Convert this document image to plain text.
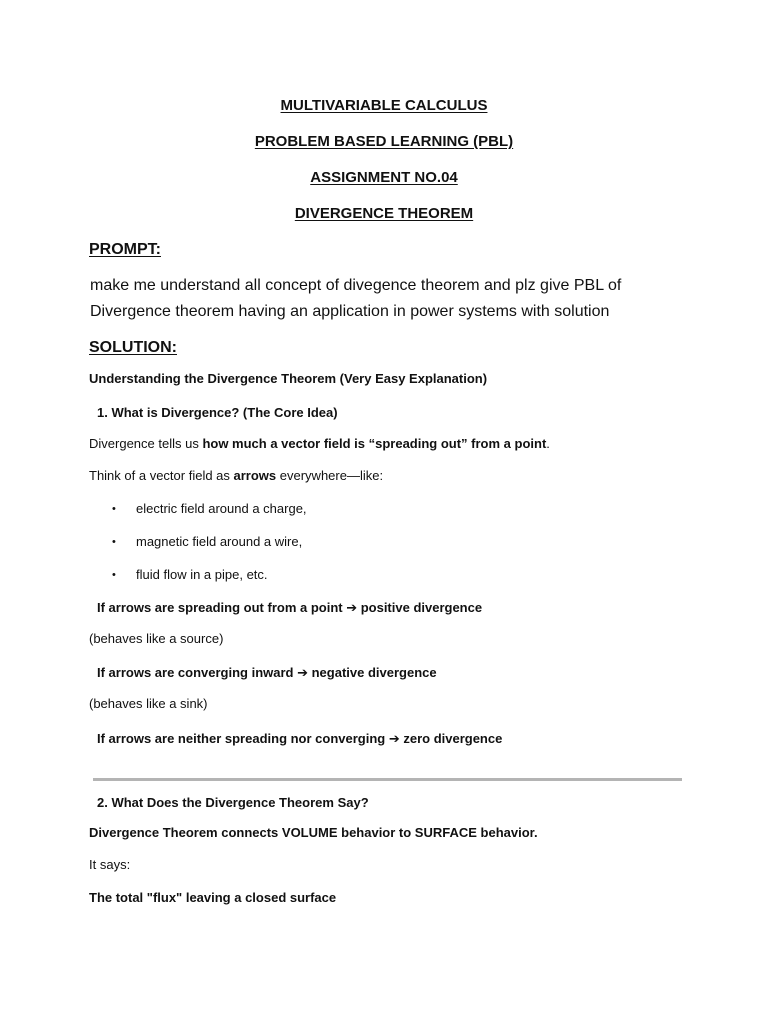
MULTIVARIABLE CALCULUS
PROBLEM BASED LEARNING (PBL)
ASSIGNMENT NO.04
DIVERGENCE THEOREM
PROMPT:
make me understand all concept of divegence theorem and plz give PBL of
Divergence theorem having an application in power systems with solution
SOLUTION:
Understanding the Divergence Theorem (Very Easy Explanation)
1. What is Divergence? (The Core Idea)
Divergence tells us how much a vector field is “spreading out” from a point.
Think of a vector field as arrows everywhere—like:
• electric field around a charge,
• magnetic field around a wire,
• fluid flow in a pipe, etc.
If arrows are spreading out from a point ➔ positive divergence
(behaves like a source)
If arrows are converging inward ➔ negative divergence
(behaves like a sink)
If arrows are neither spreading nor converging ➔ zero divergence
2. What Does the Divergence Theorem Say?
Divergence Theorem connects VOLUME behavior to SURFACE behavior.
It says:
The total "flux" leaving a closed surface
